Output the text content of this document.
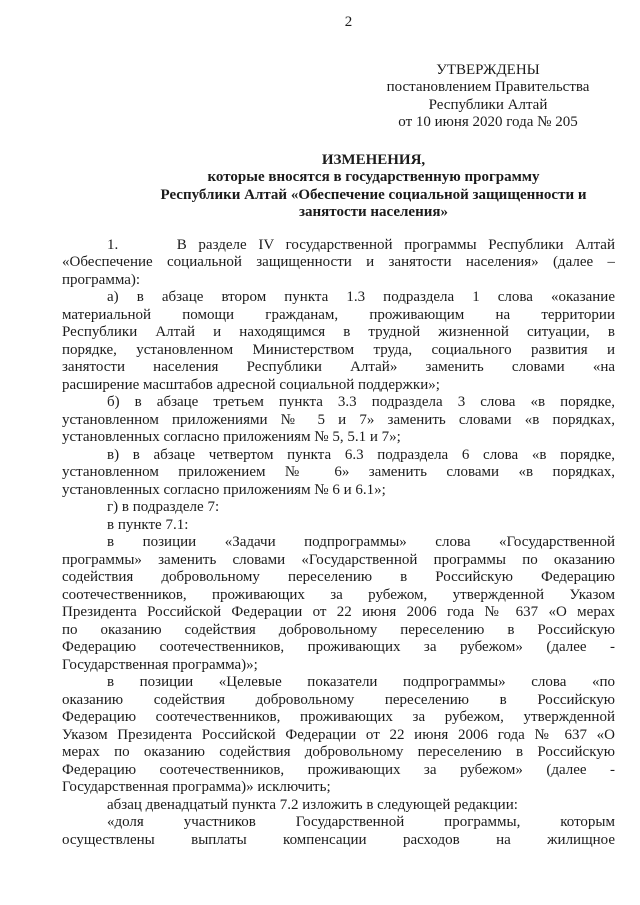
2
УТВЕРЖДЕНЫ
постановлением Правительства
Республики Алтай
от 10 июня 2020 года № 205
ИЗМЕНЕНИЯ,
которые вносятся в государственную программу
Республики Алтай «Обеспечение социальной защищенности и
занятости населения»
1.     В разделе IV государственной программы Республики Алтай
«Обеспечение социальной защищенности и занятости населения» (далее –
программа):
а) в абзаце втором пункта 1.3 подраздела 1 слова «оказание
материальной помощи гражданам, проживающим на территории
Республики Алтай и находящимся в трудной жизненной ситуации, в
порядке, установленном Министерством труда, социального развития и
занятости населения Республики Алтай» заменить словами «на
расширение масштабов адресной социальной поддержки»;
б) в абзаце третьем пункта 3.3 подраздела 3 слова «в порядке,
установленном приложениями № 5 и 7» заменить словами «в порядках,
установленных согласно приложениям № 5, 5.1 и 7»;
в) в абзаце четвертом пункта 6.3 подраздела 6 слова «в порядке,
установленном приложением № 6» заменить словами «в порядках,
установленных согласно приложениям № 6 и 6.1»;
г) в подразделе 7:
в пункте 7.1:
в позиции «Задачи подпрограммы» слова «Государственной
программы» заменить словами «Государственной программы по оказанию
содействия добровольному переселению в Российскую Федерацию
соотечественников, проживающих за рубежом, утвержденной Указом
Президента Российской Федерации от 22 июня 2006 года № 637 «О мерах
по оказанию содействия добровольному переселению в Российскую
Федерацию соотечественников, проживающих за рубежом» (далее -
Государственная программа)»;
в позиции «Целевые показатели подпрограммы» слова «по
оказанию содействия добровольному переселению в Российскую
Федерацию соотечественников, проживающих за рубежом, утвержденной
Указом Президента Российской Федерации от 22 июня 2006 года № 637 «О
мерах по оказанию содействия добровольному переселению в Российскую
Федерацию соотечественников, проживающих за рубежом» (далее -
Государственная программа)» исключить;
абзац двенадцатый пункта 7.2 изложить в следующей редакции:
«доля участников Государственной программы, которым
осуществлены выплаты компенсации расходов на жилищное
